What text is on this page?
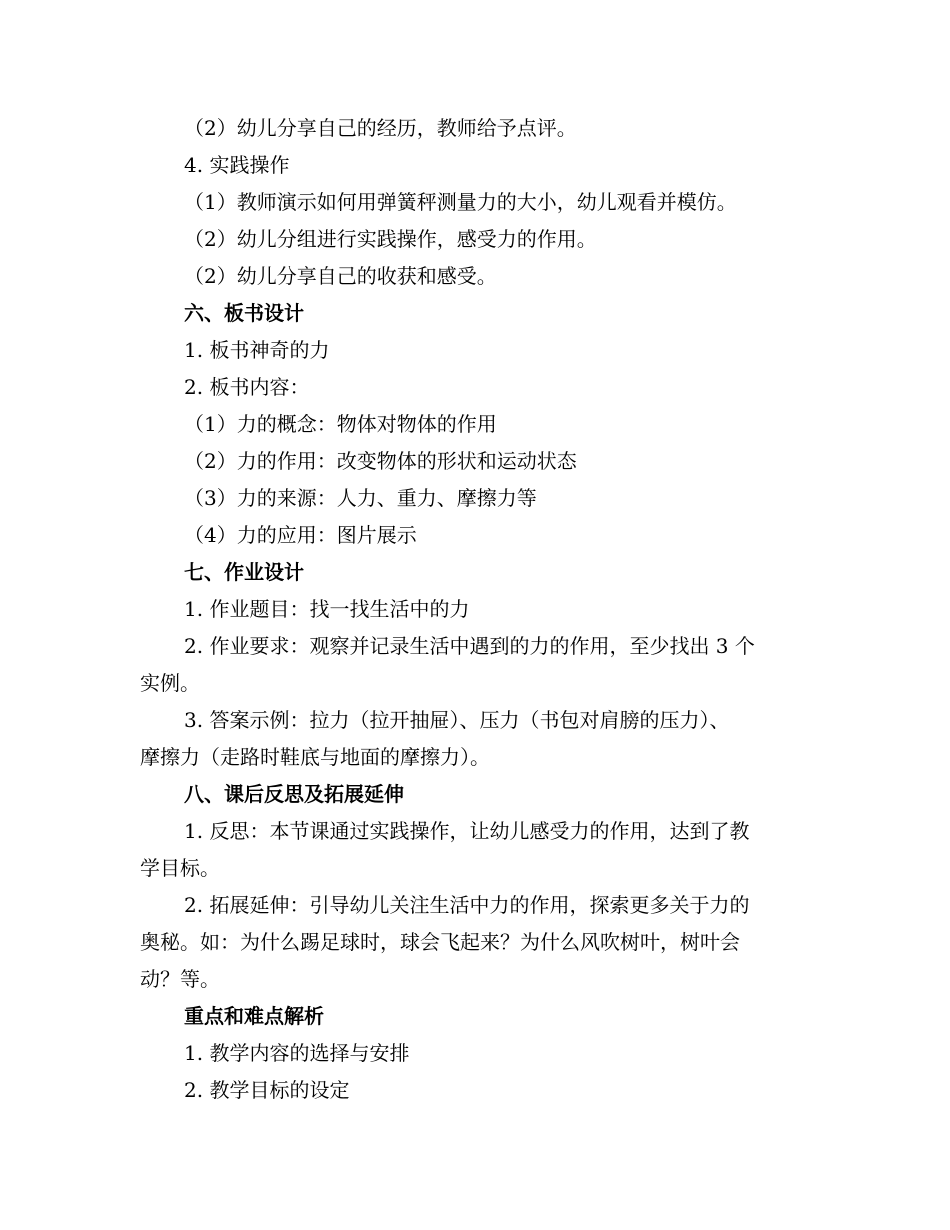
（2）幼儿分享自己的经历，教师给予点评。

4. 实践操作

（1）教师演示如何用弹簧秤测量力的大小，幼儿观看并模仿。

（2）幼儿分组进行实践操作，感受力的作用。

（2）幼儿分享自己的收获和感受。

六、板书设计

1. 板书神奇的力

2. 板书内容：

（1）力的概念：物体对物体的作用

（2）力的作用：改变物体的形状和运动状态

（3）力的来源：人力、重力、摩擦力等

（4）力的应用：图片展示

七、作业设计

1. 作业题目：找一找生活中的力

2. 作业要求：观察并记录生活中遇到的力的作用，至少找出 3 个

实例。

3. 答案示例：拉力（拉开抽屉）、压力（书包对肩膀的压力）、

摩擦力（走路时鞋底与地面的摩擦力）。

八、课后反思及拓展延伸

1. 反思：本节课通过实践操作，让幼儿感受力的作用，达到了教

学目标。

2. 拓展延伸：引导幼儿关注生活中力的作用，探索更多关于力的

奥秘。如：为什么踢足球时，球会飞起来？为什么风吹树叶，树叶会

动？等。

重点和难点解析

1. 教学内容的选择与安排

2. 教学目标的设定
